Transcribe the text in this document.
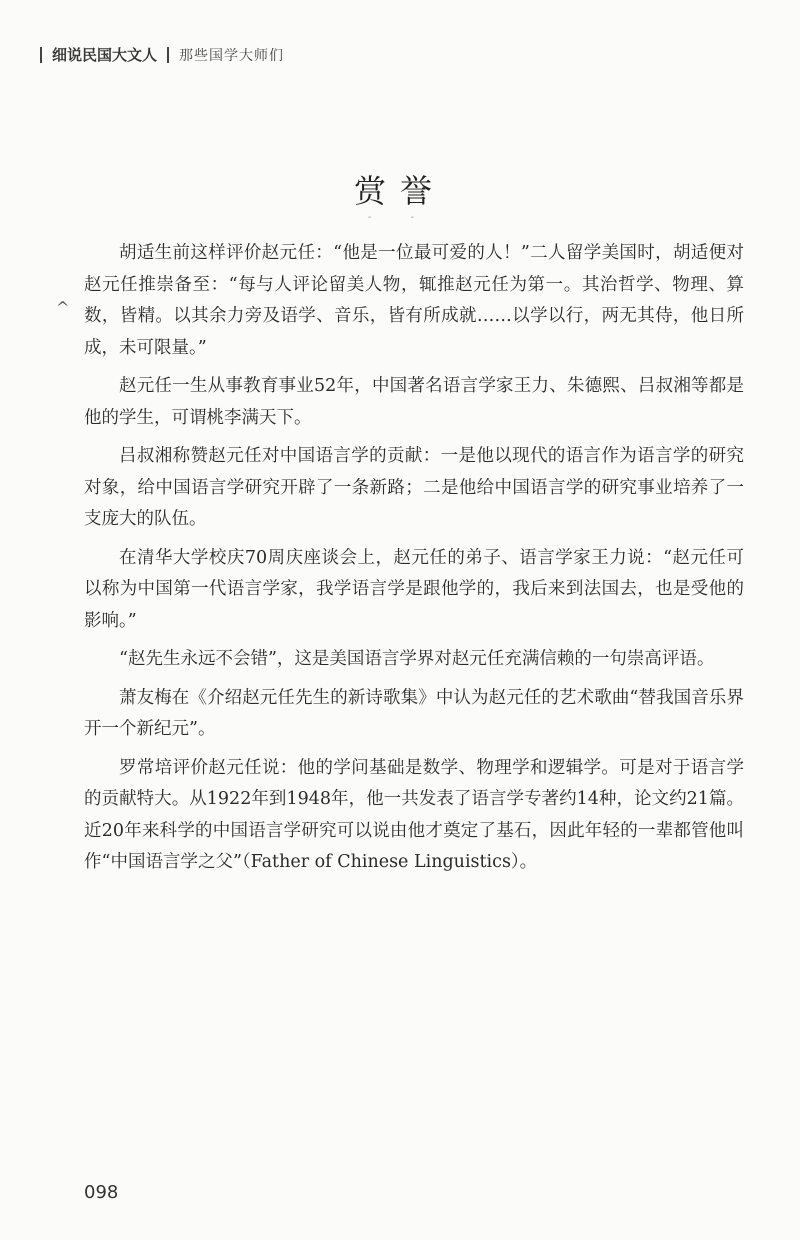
细说民国大文人 那些国学大师们
赏誉
- -
^

胡适生前这样评价赵元任：“他是一位最可爱的人！”二人留学美国时，胡适便对赵元任推崇备至：“每与人评论留美人物，辄推赵元任为第一。其治哲学、物理、算数，皆精。以其余力旁及语学、音乐，皆有所成就……以学以行，两无其侍，他日所成，未可限量。”

赵元任一生从事教育事业52年，中国著名语言学家王力、朱德熙、吕叔湘等都是他的学生，可谓桃李满天下。

吕叔湘称赞赵元任对中国语言学的贡献：一是他以现代的语言作为语言学的研究对象，给中国语言学研究开辟了一条新路；二是他给中国语言学的研究事业培养了一支庞大的队伍。

在清华大学校庆70周庆座谈会上，赵元任的弟子、语言学家王力说：“赵元任可以称为中国第一代语言学家，我学语言学是跟他学的，我后来到法国去，也是受他的影响。”

“赵先生永远不会错”，这是美国语言学界对赵元任充满信赖的一句崇高评语。

萧友梅在《介绍赵元任先生的新诗歌集》中认为赵元任的艺术歌曲“替我国音乐界开一个新纪元”。

罗常培评价赵元任说：他的学问基础是数学、物理学和逻辑学。可是对于语言学的贡献特大。从1922年到1948年，他一共发表了语言学专著约14种，论文约21篇。近20年来科学的中国语言学研究可以说由他才奠定了基石，因此年轻的一辈都管他叫作“中国语言学之父”（Father of Chinese Linguistics）。

098
